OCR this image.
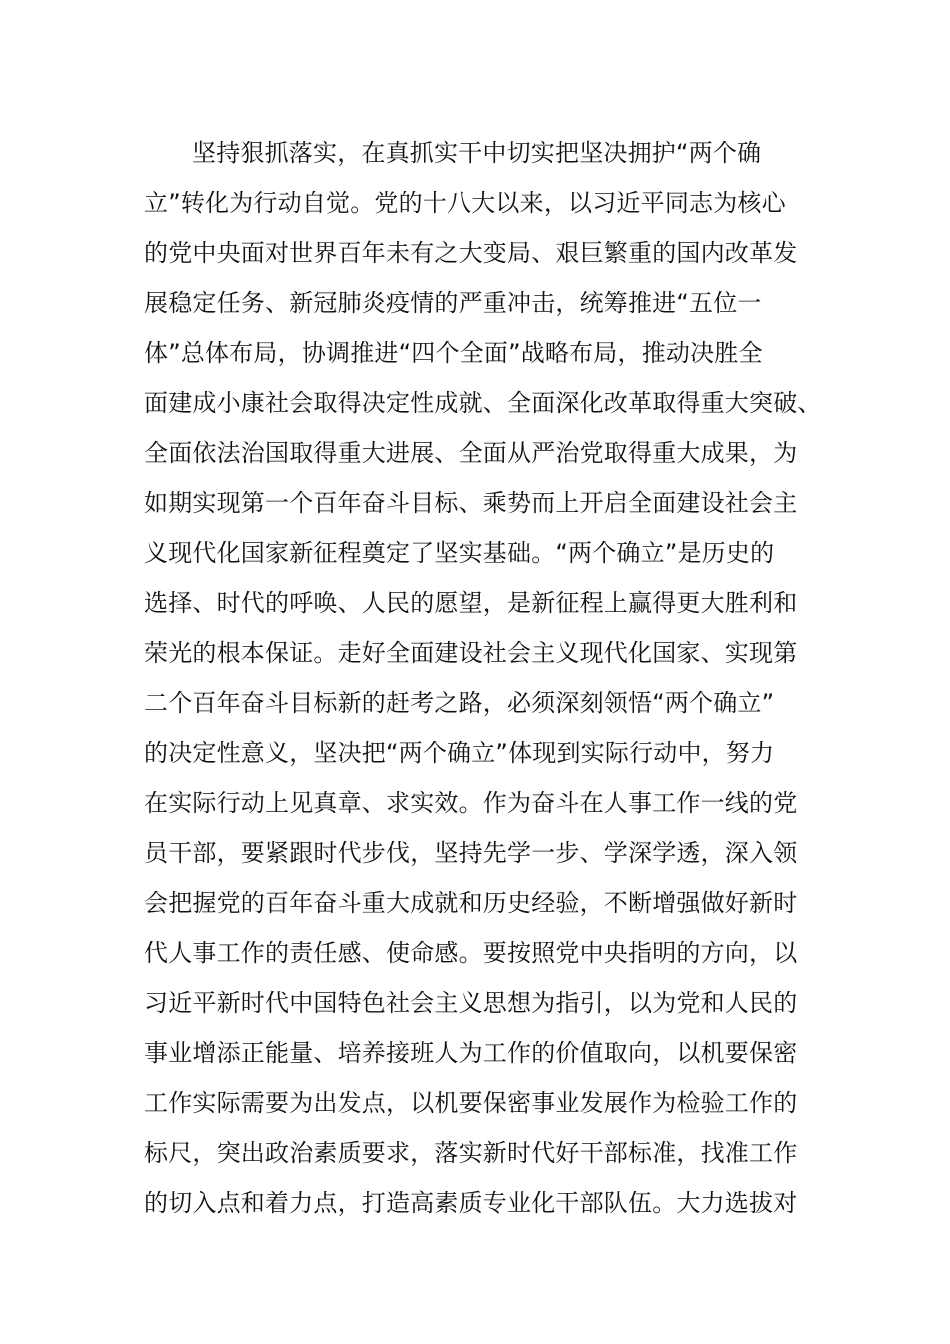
坚持狠抓落实，在真抓实干中切实把坚决拥护“两个确
立”转化为行动自觉。党的十八大以来，以习近平同志为核心
的党中央面对世界百年未有之大变局、艰巨繁重的国内改革发
展稳定任务、新冠肺炎疫情的严重冲击，统筹推进“五位一
体”总体布局，协调推进“四个全面”战略布局，推动决胜全
面建成小康社会取得决定性成就、全面深化改革取得重大突破、
全面依法治国取得重大进展、全面从严治党取得重大成果，为
如期实现第一个百年奋斗目标、乘势而上开启全面建设社会主
义现代化国家新征程奠定了坚实基础。“两个确立”是历史的
选择、时代的呼唤、人民的愿望，是新征程上赢得更大胜利和
荣光的根本保证。走好全面建设社会主义现代化国家、实现第
二个百年奋斗目标新的赶考之路，必须深刻领悟“两个确立”
的决定性意义，坚决把“两个确立”体现到实际行动中，努力
在实际行动上见真章、求实效。作为奋斗在人事工作一线的党
员干部，要紧跟时代步伐，坚持先学一步、学深学透，深入领
会把握党的百年奋斗重大成就和历史经验，不断增强做好新时
代人事工作的责任感、使命感。要按照党中央指明的方向，以
习近平新时代中国特色社会主义思想为指引，以为党和人民的
事业增添正能量、培养接班人为工作的价值取向，以机要保密
工作实际需要为出发点，以机要保密事业发展作为检验工作的
标尺，突出政治素质要求，落实新时代好干部标准，找准工作
的切入点和着力点，打造高素质专业化干部队伍。大力选拔对
